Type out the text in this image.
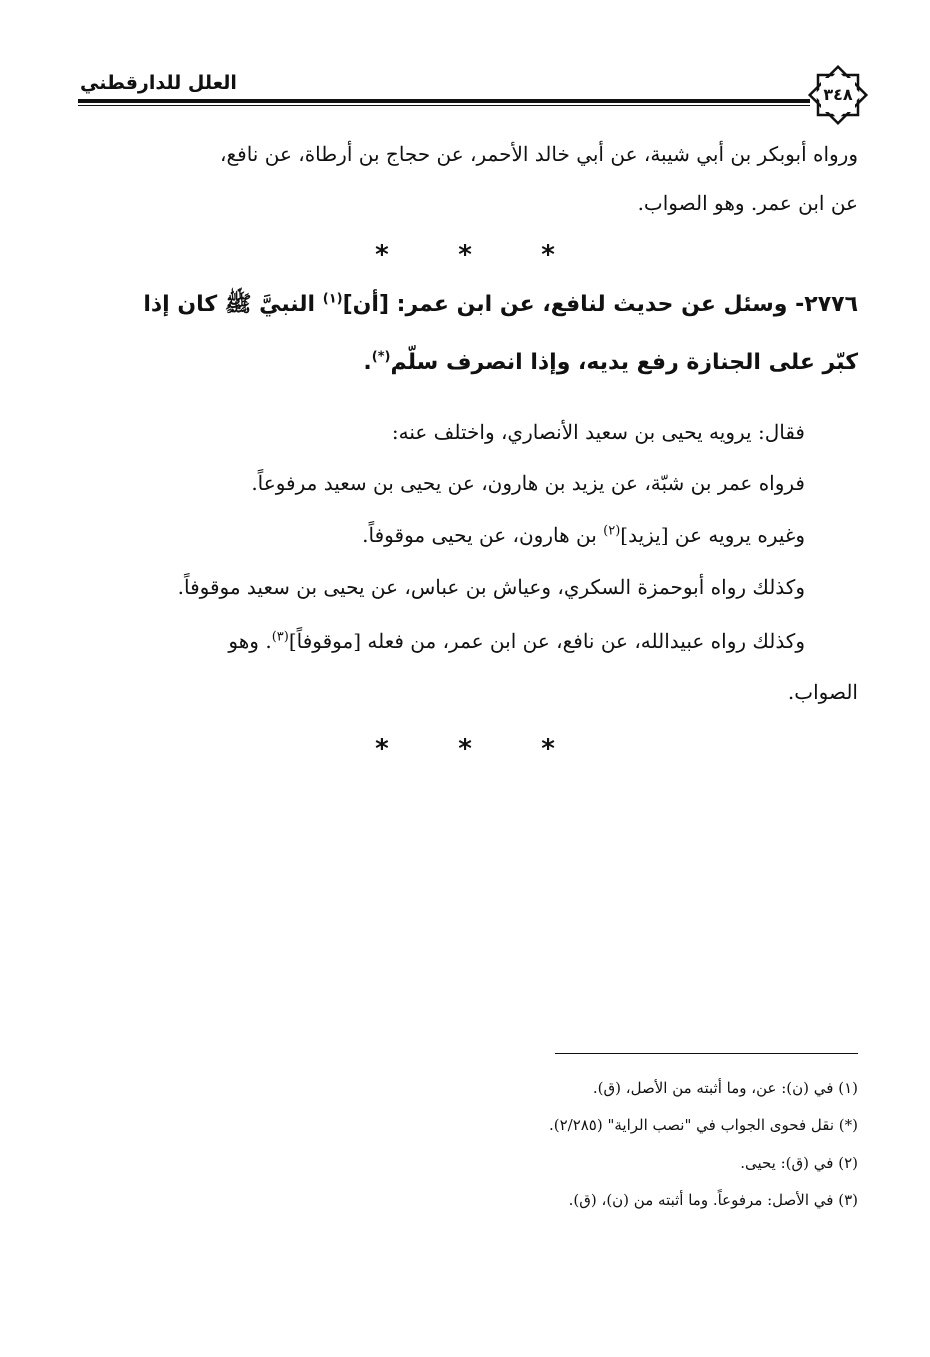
العلل للدارقطني
٣٤٨
ورواه أبوبكر بن أبي شيبة، عن أبي خالد الأحمر، عن حجاج بن أرطاة، عن نافع،
عن ابن عمر. وهو الصواب.
*	*	*
٢٧٧٦- وسئل عن حديث لنافع، عن ابن عمر: [أن]$^{(١)}$ النبيَّ ﷺ كان إذا
كبّر على الجنازة رفع يديه، وإذا انصرف سلّم(*).
فقال: يرويه يحيى بن سعيد الأنصاري، واختلف عنه:
فرواه عمر بن شبّة، عن يزيد بن هارون، عن يحيى بن سعيد مرفوعاً.
وغيره يرويه عن [يزيد]$^{(٢)}$ بن هارون، عن يحيى موقوفاً.
وكذلك رواه أبوحمزة السكري، وعياش بن عباس، عن يحيى بن سعيد موقوفاً.
وكذلك رواه عبيدالله، عن نافع، عن ابن عمر، من فعله [موقوفاً]$^{(٣)}$. وهو
الصواب.
*	*	*
(١) في (ن): عن، وما أثبته من الأصل، (ق).
(*) نقل فحوى الجواب في "نصب الراية" (٢/٢٨٥).
(٢) في (ق): يحيى.
(٣) في الأصل: مرفوعاً. وما أثبته من (ن)، (ق).
